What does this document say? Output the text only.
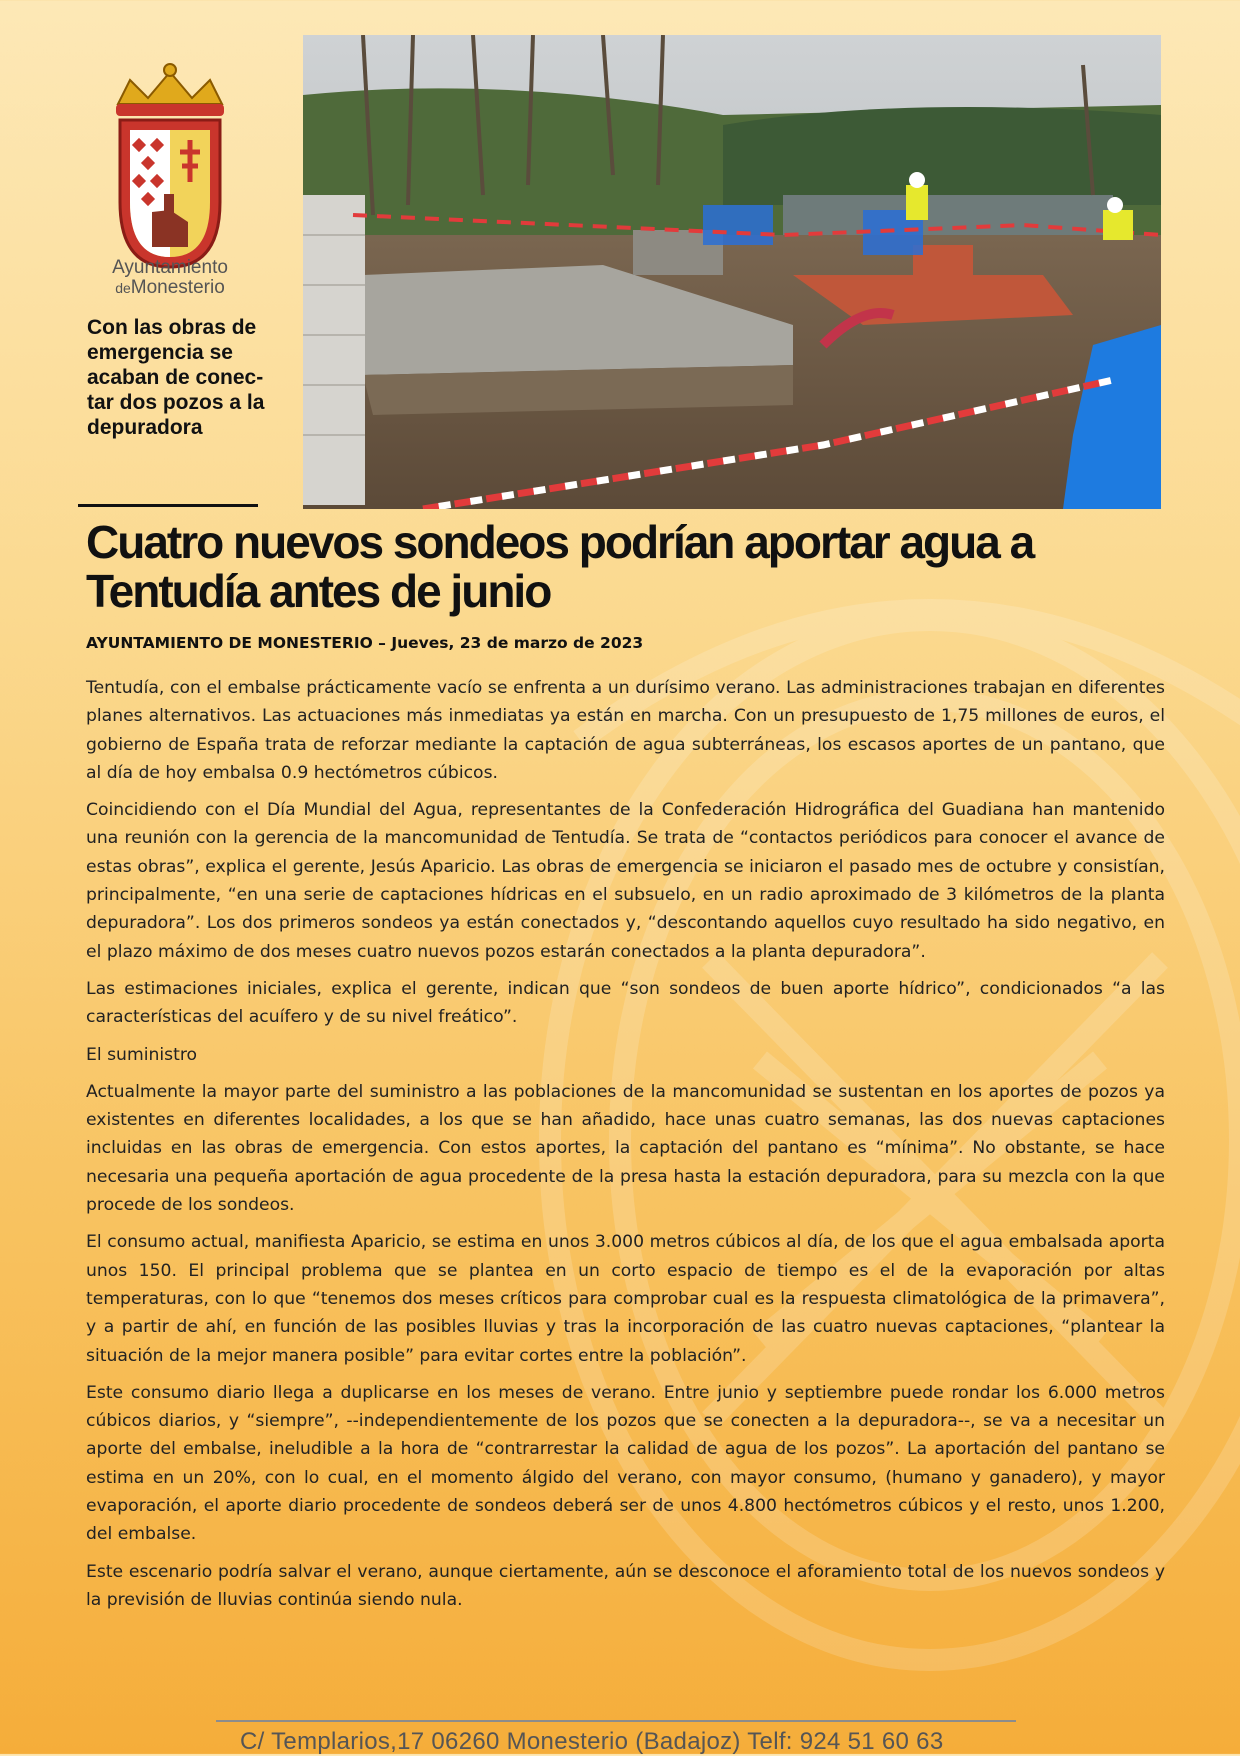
Ayuntamiento
deMonesterio
Con las obras de emergencia se acaban de conec-tar dos pozos a la depuradora
Cuatro nuevos sondeos podrían aportar agua a Tentudía antes de junio
AYUNTAMIENTO DE MONESTERIO – Jueves, 23 de marzo de 2023

Tentudía, con el embalse prácticamente vacío se enfrenta a un durísimo verano. Las administraciones trabajan en diferentes planes alternativos. Las actuaciones más inmediatas ya están en marcha. Con un presupuesto de 1,75 millones de euros, el gobierno de España trata de reforzar mediante la captación de agua subterráneas, los escasos aportes de un pantano, que al día de hoy embalsa 0.9 hectómetros cúbicos.

Coincidiendo con el Día Mundial del Agua, representantes de la Confederación Hidrográfica del Guadiana han mantenido una reunión con la gerencia de la mancomunidad de Tentudía. Se trata de “contactos periódicos para conocer el avance de estas obras”, explica el gerente, Jesús Aparicio. Las obras de emergencia se iniciaron el pasado mes de octubre y consistían, principalmente, “en una serie de captaciones hídricas en el subsuelo, en un radio aproximado de 3 kilómetros de la planta depuradora”. Los dos primeros sondeos ya están conectados y, “descontando aquellos cuyo resultado ha sido negativo, en el plazo máximo de dos meses cuatro nuevos pozos estarán conectados a la planta depuradora”.

Las estimaciones iniciales, explica el gerente, indican que “son sondeos de buen aporte hídrico”, condicionados “a las características del acuífero y de su nivel freático”.

El suministro

Actualmente la mayor parte del suministro a las poblaciones de la mancomunidad se sustentan en los aportes de pozos ya existentes en diferentes localidades, a los que se han añadido, hace unas cuatro semanas, las dos nuevas captaciones incluidas en las obras de emergencia. Con estos aportes, la captación del pantano es “mínima”. No obstante, se hace necesaria una pequeña aportación de agua procedente de la presa hasta la estación depuradora, para su mezcla con la que procede de los sondeos.

El consumo actual, manifiesta Aparicio, se estima en unos 3.000 metros cúbicos al día, de los que el agua embalsada aporta unos 150. El principal problema que se plantea en un corto espacio de tiempo es el de la evaporación por altas temperaturas, con lo que “tenemos dos meses críticos para comprobar cual es la respuesta climatológica de la primavera”, y a partir de ahí, en función de las posibles lluvias y tras la incorporación de las cuatro nuevas captaciones, “plantear la situación de la mejor manera posible” para evitar cortes entre la población”.

Este consumo diario llega a duplicarse en los meses de verano. Entre junio y septiembre puede rondar los 6.000 metros cúbicos diarios, y “siempre”, --independientemente de los pozos que se conecten a la depuradora--, se va a necesitar un aporte del embalse, ineludible a la hora de “contrarrestar la calidad de agua de los pozos”. La aportación del pantano se estima en un 20%, con lo cual, en el momento álgido del verano, con mayor consumo, (humano y ganadero), y mayor evaporación, el aporte diario procedente de sondeos deberá ser de unos 4.800 hectómetros cúbicos y el resto, unos 1.200, del embalse.

Este escenario podría salvar el verano, aunque ciertamente, aún se desconoce el aforamiento total de los nuevos sondeos y la previsión de lluvias continúa siendo nula.

C/ Templarios,17 06260 Monesterio (Badajoz) Telf: 924 51 60 63
